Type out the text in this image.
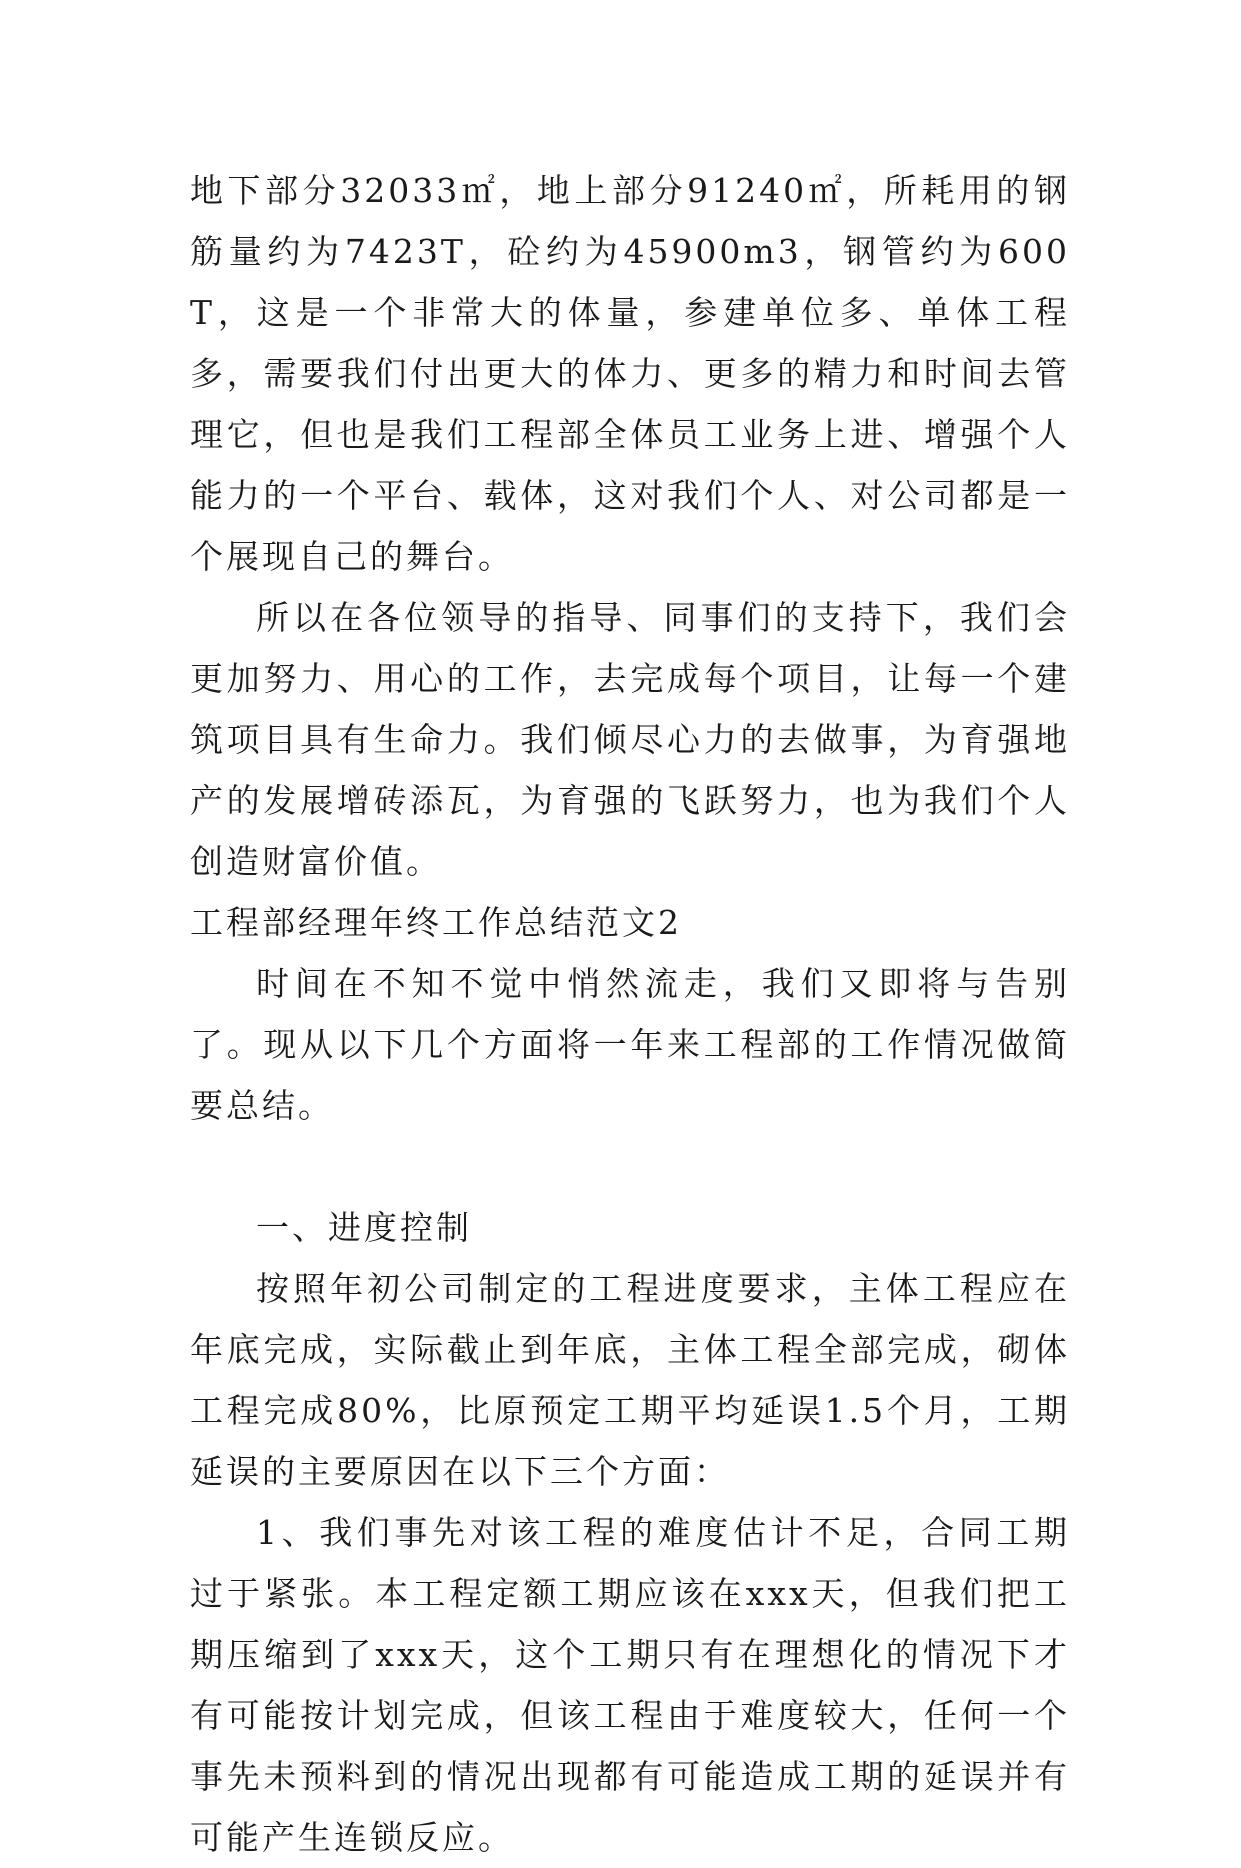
地下部分32033㎡，地上部分91240㎡，所耗用的钢筋量约为7423T，砼约为45900m3，钢管约为600T，这是一个非常大的体量，参建单位多、单体工程多，需要我们付出更大的体力、更多的精力和时间去管理它，但也是我们工程部全体员工业务上进、增强个人能力的一个平台、载体，这对我们个人、对公司都是一个展现自己的舞台。

所以在各位领导的指导、同事们的支持下，我们会更加努力、用心的工作，去完成每个项目，让每一个建筑项目具有生命力。我们倾尽心力的去做事，为育强地产的发展增砖添瓦，为育强的飞跃努力，也为我们个人创造财富价值。

工程部经理年终工作总结范文2

时间在不知不觉中悄然流走，我们又即将与告别了。现从以下几个方面将一年来工程部的工作情况做简要总结。

一、进度控制

按照年初公司制定的工程进度要求，主体工程应在年底完成，实际截止到年底，主体工程全部完成，砌体工程完成80%，比原预定工期平均延误1.5个月，工期延误的主要原因在以下三个方面：

1、我们事先对该工程的难度估计不足，合同工期过于紧张。本工程定额工期应该在xxx天，但我们把工期压缩到了xxx天，这个工期只有在理想化的情况下才有可能按计划完成，但该工程由于难度较大，任何一个事先未预料到的情况出现都有可能造成工期的延误并有可能产生连锁反应。
